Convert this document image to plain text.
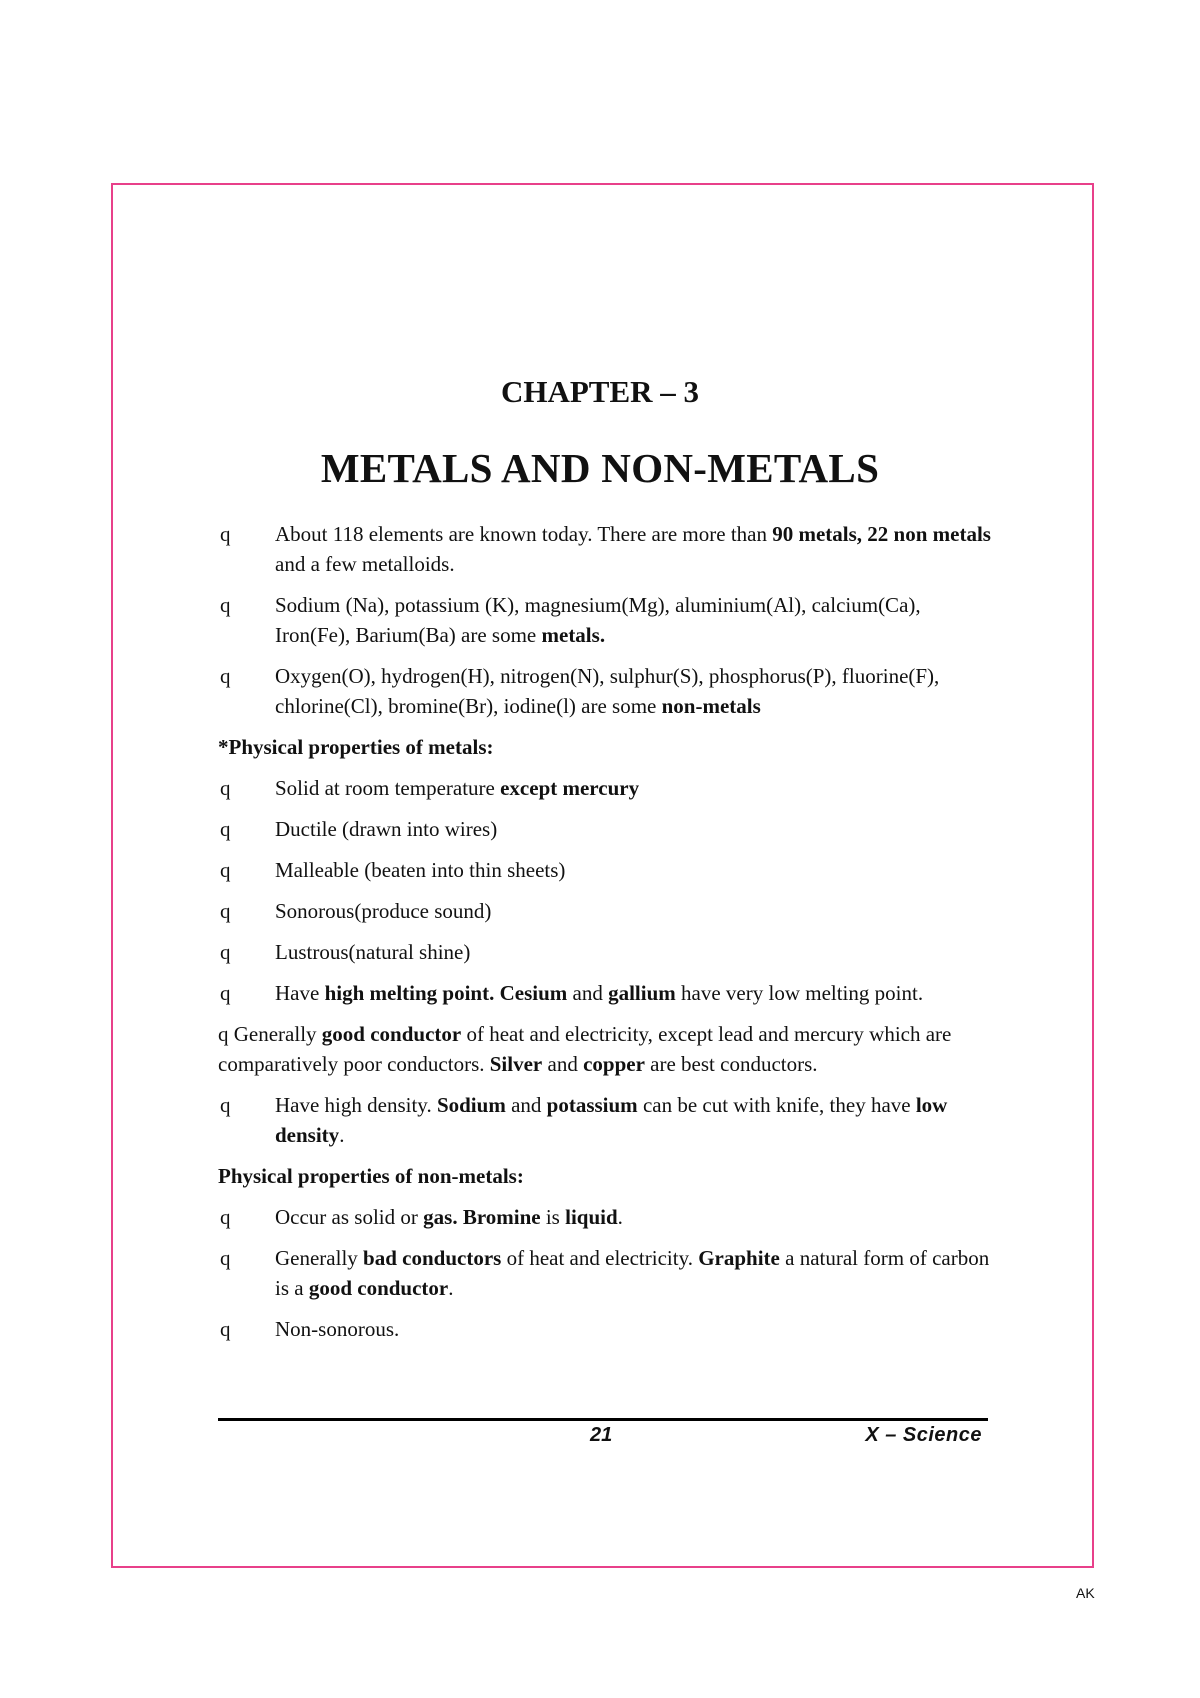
CHAPTER – 3
METALS AND NON-METALS
q About 118 elements are known today. There are more than 90 metals, 22 non metals and a few metalloids.
q Sodium (Na), potassium (K), magnesium(Mg), aluminium(Al), calcium(Ca), Iron(Fe), Barium(Ba) are some metals.
q Oxygen(O), hydrogen(H), nitrogen(N), sulphur(S), phosphorus(P), fluorine(F), chlorine(Cl), bromine(Br), iodine(l) are some non-metals
*Physical properties of metals:
q Solid at room temperature except mercury
q Ductile (drawn into wires)
q Malleable (beaten into thin sheets)
q Sonorous(produce sound)
q Lustrous(natural shine)
q Have high melting point. Cesium and gallium have very low melting point.
q Generally good conductor of heat and electricity, except lead and mercury which are comparatively poor conductors. Silver and copper are best conductors.
q Have high density. Sodium and potassium can be cut with knife, they have low density.
Physical properties of non-metals:
q Occur as solid or gas. Bromine is liquid.
q Generally bad conductors of heat and electricity. Graphite a natural form of carbon is a good conductor.
q Non-sonorous.
21	X – Science
AK
